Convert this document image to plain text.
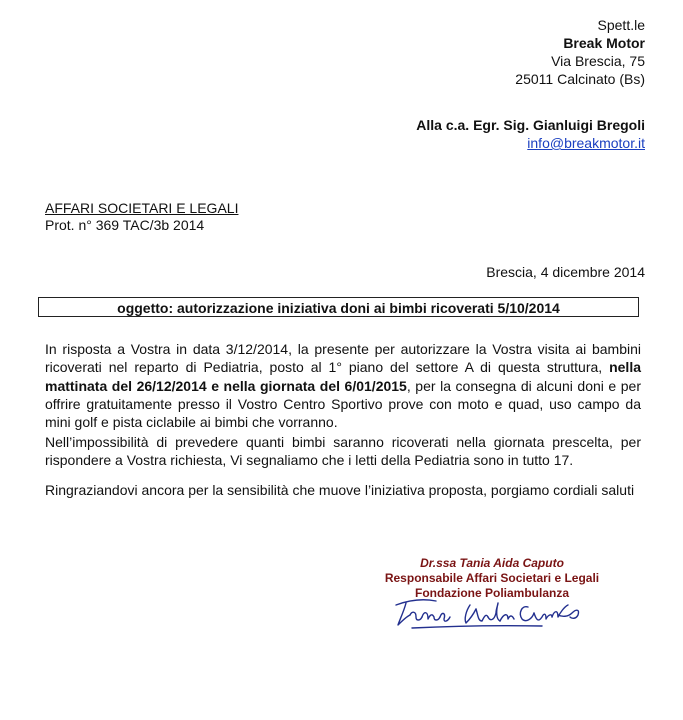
Spett.le
Break Motor
Via Brescia, 75
25011 Calcinato (Bs)
Alla c.a. Egr. Sig. Gianluigi Bregoli
info@breakmotor.it
AFFARI SOCIETARI E LEGALI
Prot. n° 369 TAC/3b 2014
Brescia, 4 dicembre 2014
oggetto: autorizzazione iniziativa doni ai bimbi ricoverati 5/10/2014
In risposta a Vostra in data 3/12/2014, la presente per autorizzare la Vostra visita ai bambini ricoverati nel reparto di Pediatria, posto al 1° piano del settore A di questa struttura, nella mattinata del 26/12/2014 e nella giornata del 6/01/2015, per la consegna di alcuni doni e per offrire gratuitamente presso il Vostro Centro Sportivo prove con moto e quad, uso campo da mini golf e pista ciclabile ai bimbi che vorranno.
Nell’impossibilità di prevedere quanti bimbi saranno ricoverati nella giornata prescelta, per rispondere a Vostra richiesta, Vi segnaliamo che i letti della Pediatria sono in tutto 17.
Ringraziandovi ancora per la sensibilità che muove l’iniziativa proposta, porgiamo cordiali saluti
Dr.ssa Tania Aida Caputo
Responsabile Affari Societari e Legali
Fondazione Poliambulanza
